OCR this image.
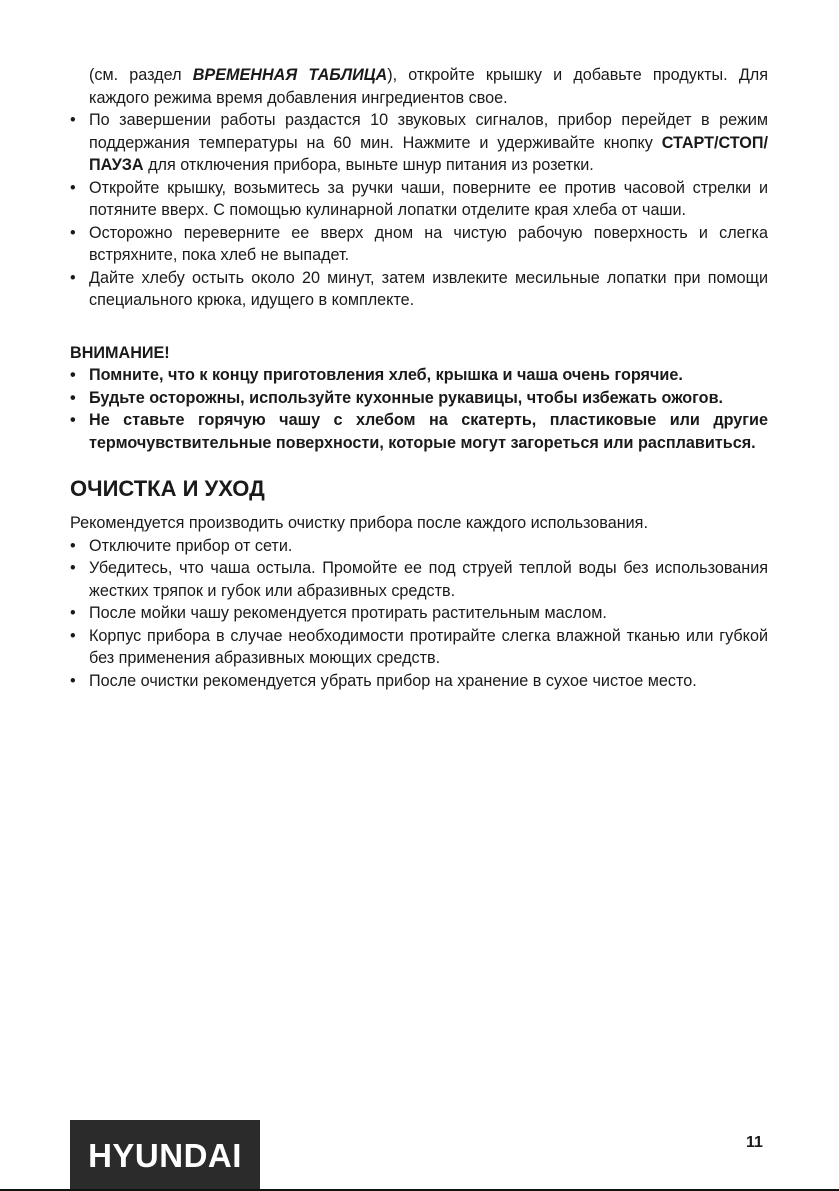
(см. раздел ВРЕМЕННАЯ ТАБЛИЦА), откройте крышку и добавьте продукты. Для каждого режима время добавления ингредиентов свое.

• По завершении работы раздастся 10 звуковых сигналов, прибор перейдет в режим поддержания температуры на 60 мин. Нажмите и удерживайте кнопку СТАРТ/СТОП/ПАУЗА для отключения прибора, выньте шнур питания из розетки.
• Откройте крышку, возьмитесь за ручки чаши, поверните ее против часовой стрелки и потяните вверх. С помощью кулинарной лопатки отделите края хлеба от чаши.
• Осторожно переверните ее вверх дном на чистую рабочую поверхность и слегка встряхните, пока хлеб не выпадет.
• Дайте хлебу остыть около 20 минут, затем извлеките месильные лопатки при помощи специального крюка, идущего в комплекте.
ВНИМАНИЕ!
• Помните, что к концу приготовления хлеб, крышка и чаша очень горячие.
• Будьте осторожны, используйте кухонные рукавицы, чтобы избежать ожогов.
• Не ставьте горячую чашу с хлебом на скатерть, пластиковые или другие термочувствительные поверхности, которые могут загореться или расплавиться.
ОЧИСТКА И УХОД

Рекомендуется производить очистку прибора после каждого использования.

• Отключите прибор от сети.
• Убедитесь, что чаша остыла. Промойте ее под струей теплой воды без использования жестких тряпок и губок или абразивных средств.
• После мойки чашу рекомендуется протирать растительным маслом.
• Корпус прибора в случае необходимости протирайте слегка влажной тканью или губкой без применения абразивных моющих средств.
• После очистки рекомендуется убрать прибор на хранение в сухое чистое место.
HYUNDAI	11
